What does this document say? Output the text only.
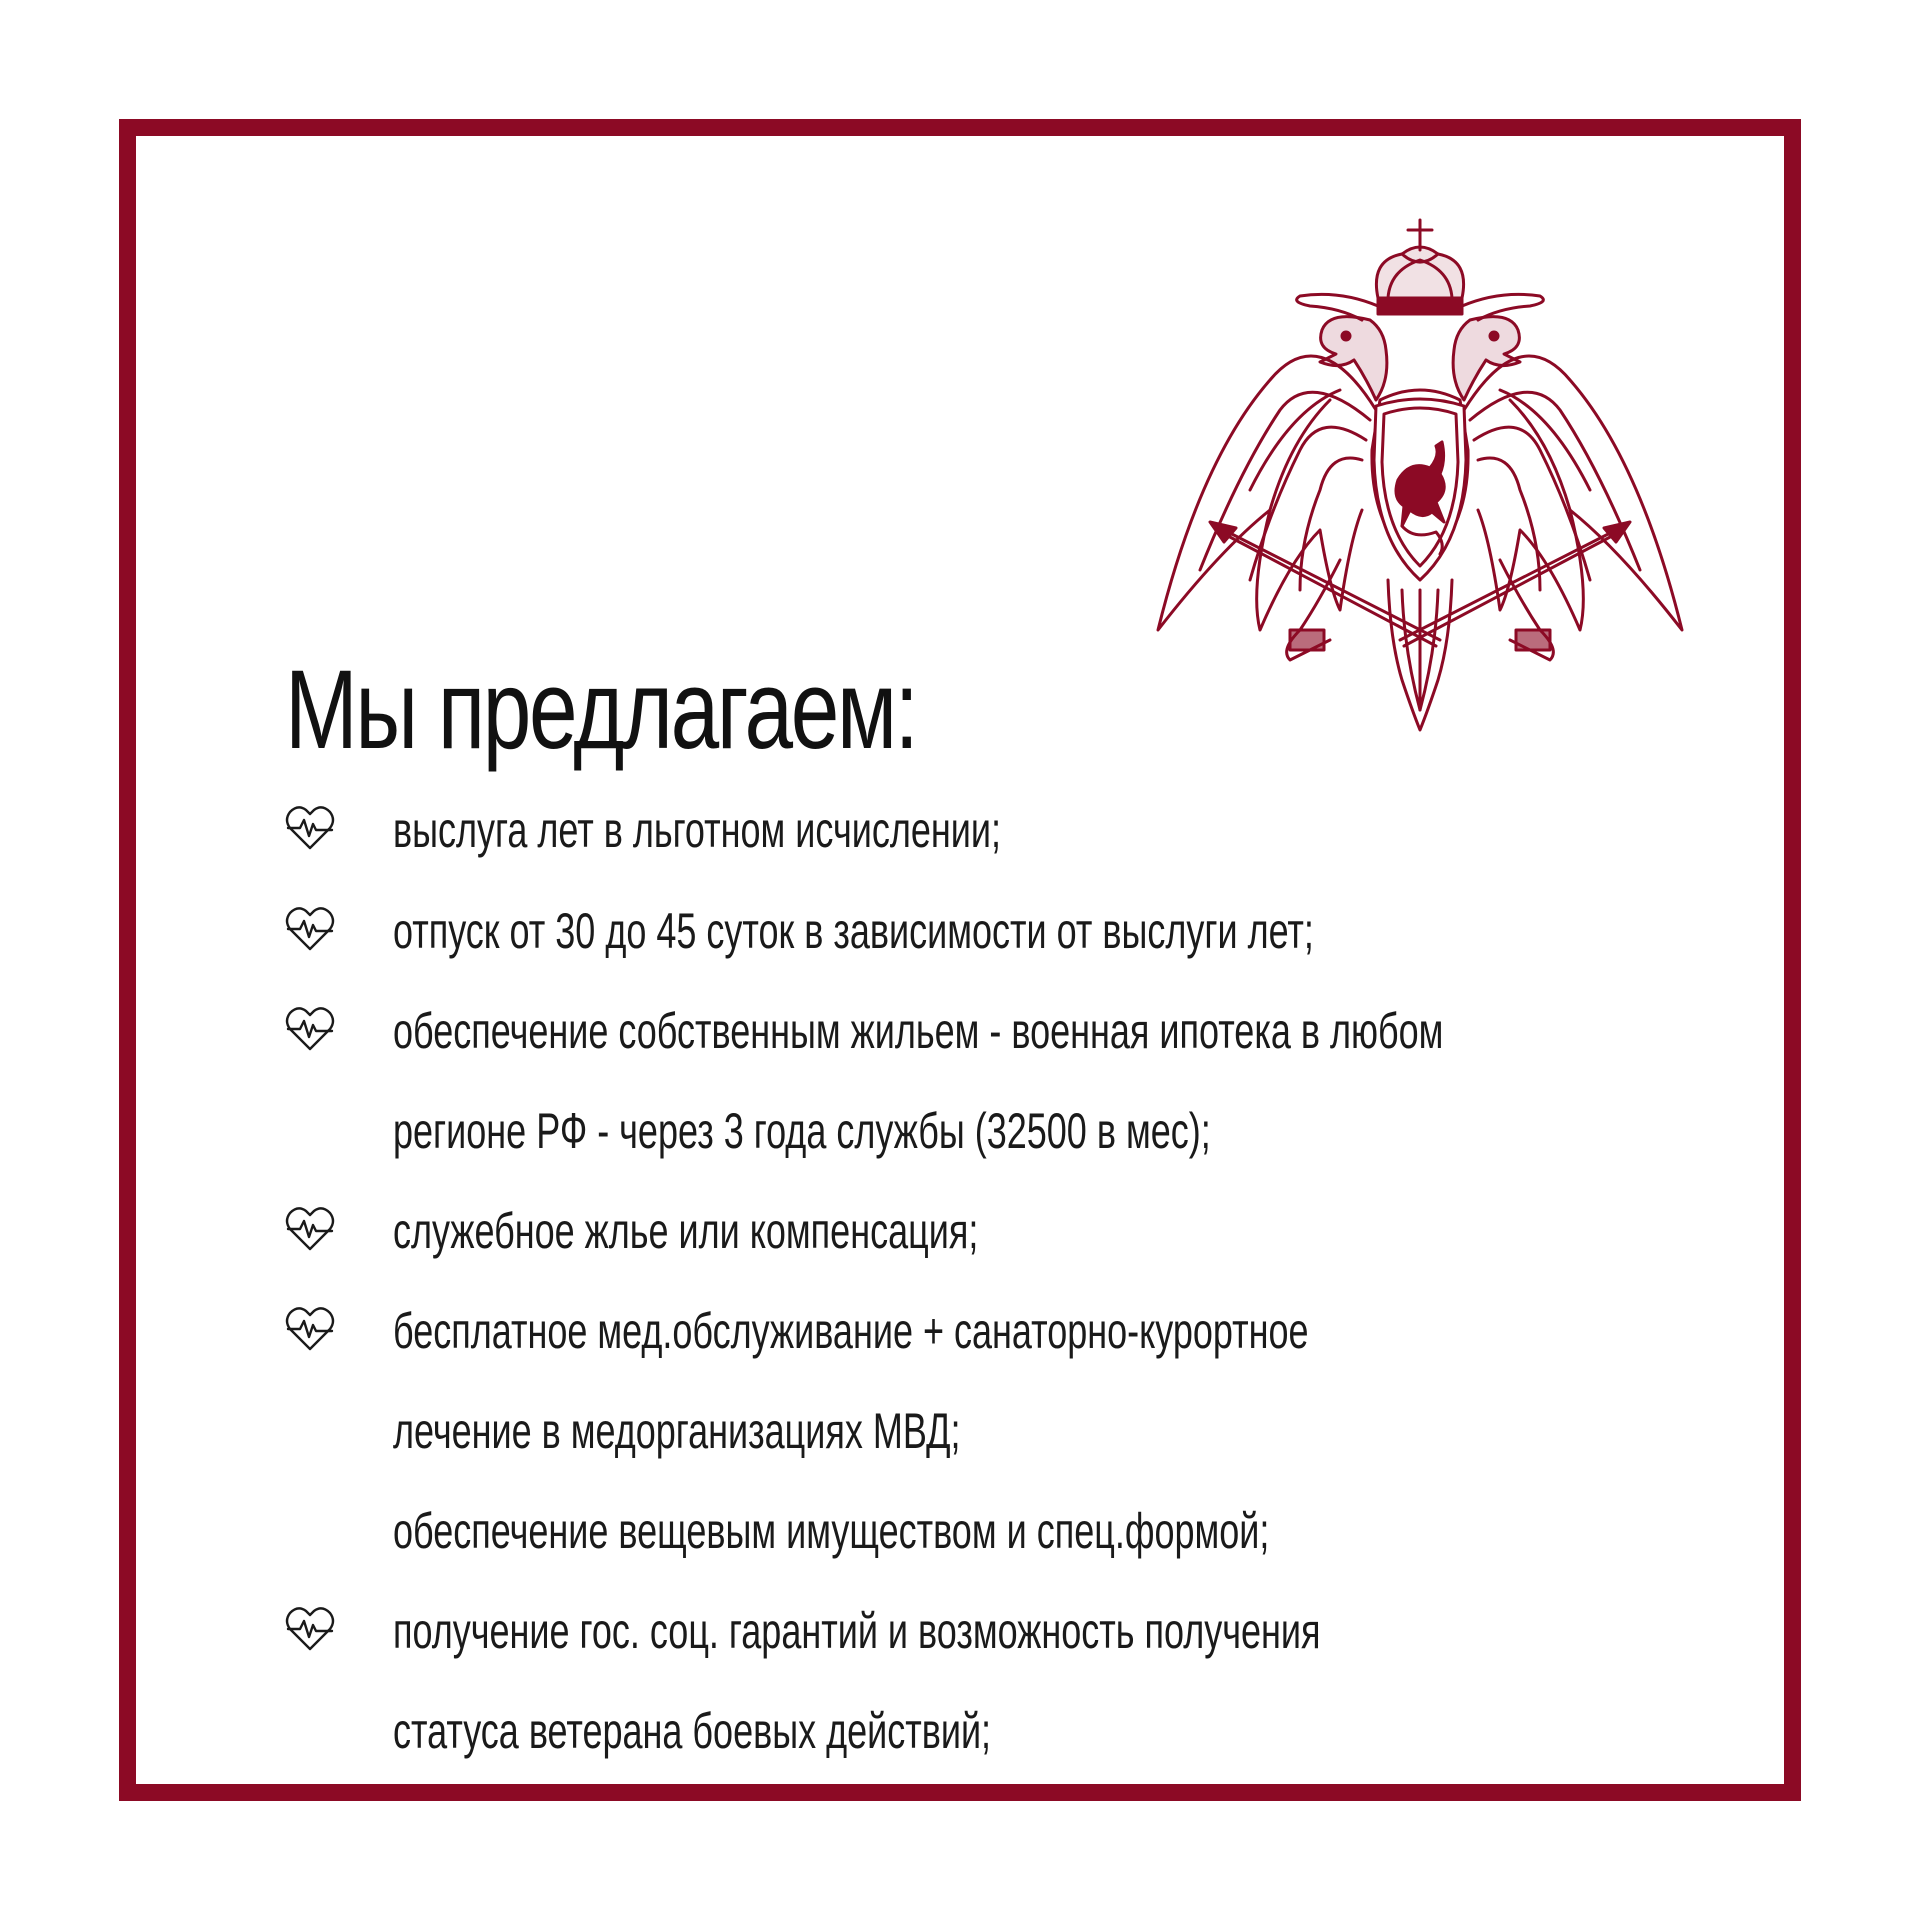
Мы предлагаем:
выслуга лет в льготном исчислении;
отпуск от 30 до 45 суток в зависимости от выслуги лет;
обеспечение собственным жильем - военная ипотека в любом
регионе РФ - через 3 года службы (32500 в мес);
служебное жлье или компенсация;
бесплатное мед.обслуживание + санаторно-курортное
лечение в медорганизациях МВД;
обеспечение вещевым имуществом и спец.формой;
получение гос. соц. гарантий и возможность получения
статуса ветерана боевых действий;
